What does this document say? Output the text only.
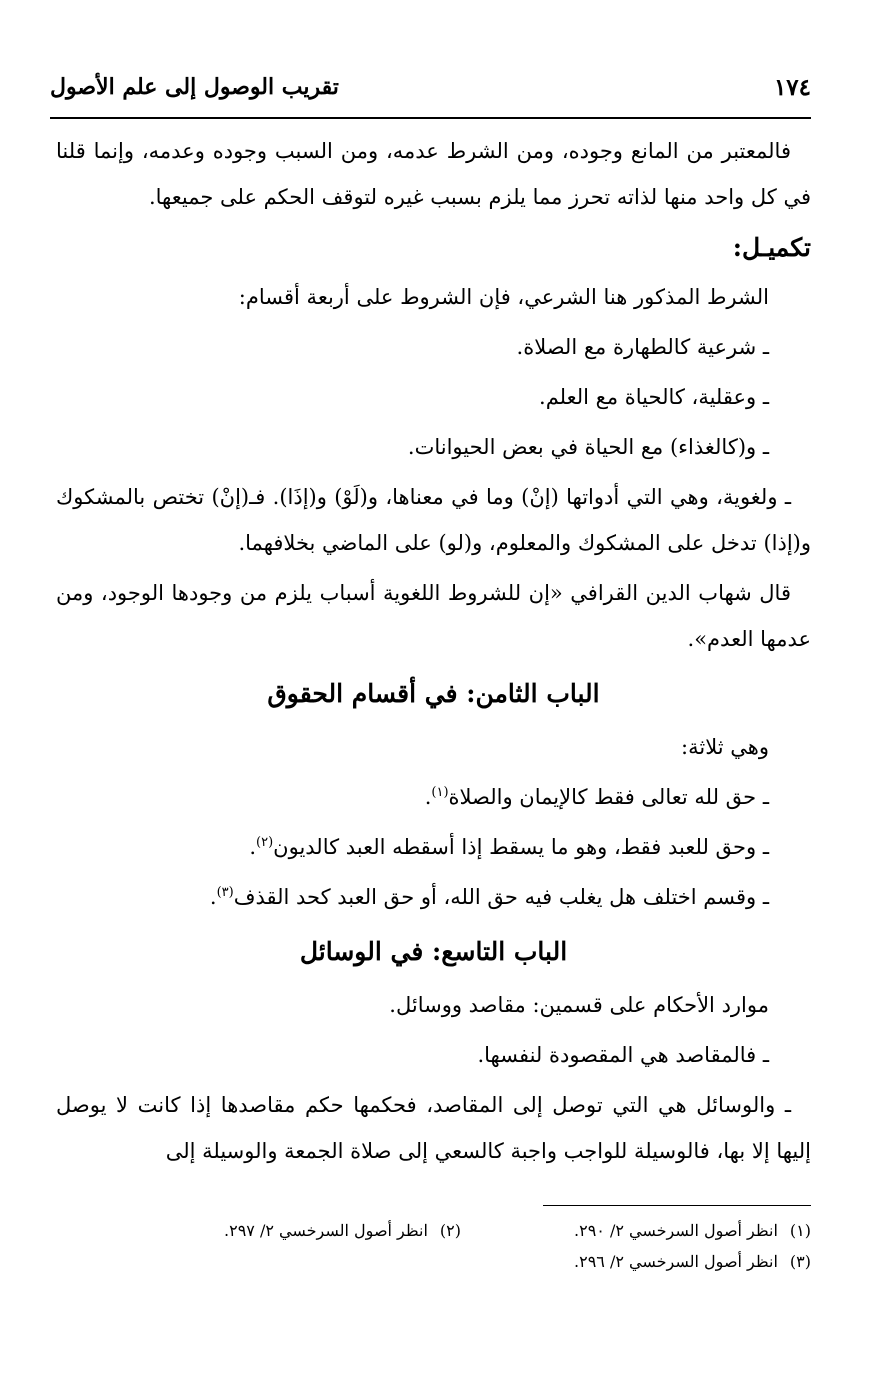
١٧٤
تقريب الوصول إلى علم الأصول

فالمعتبر من المانع وجوده، ومن الشرط عدمه، ومن السبب وجوده وعدمه، وإنما قلنا في كل واحد منها لذاته تحرز مما يلزم بسبب غيره لتوقف الحكم على جميعها.

تكميـل:

الشرط المذكور هنا الشرعي، فإن الشروط على أربعة أقسام:

ـ شرعية كالطهارة مع الصلاة.

ـ وعقلية، كالحياة مع العلم.

ـ و(كالغذاء) مع الحياة في بعض الحيوانات.

ـ ولغوية، وهي التي أدواتها (إنْ) وما في معناها، و(لَوْ) و(إذَا). فـ(إنْ) تختص بالمشكوك و(إذا) تدخل على المشكوك والمعلوم، و(لو) على الماضي بخلافهما.

قال شهاب الدين القرافي «إن للشروط اللغوية أسباب يلزم من وجودها الوجود، ومن عدمها العدم».

الباب الثامن: في أقسام الحقوق

وهي ثلاثة:

ـ حق لله تعالى فقط كالإيمان والصلاة$^{(١)}$.

ـ وحق للعبد فقط، وهو ما يسقط إذا أسقطه العبد كالديون$^{(٢)}$.

ـ وقسم اختلف هل يغلب فيه حق الله، أو حق العبد كحد القذف$^{(٣)}$.

الباب التاسع: في الوسائل

موارد الأحكام على قسمين: مقاصد ووسائل.

ـ فالمقاصد هي المقصودة لنفسها.

ـ والوسائل هي التي توصل إلى المقاصد، فحكمها حكم مقاصدها إذا كانت لا يوصل إليها إلا بها، فالوسيلة للواجب واجبة كالسعي إلى صلاة الجمعة والوسيلة إلى

(١)انظر أصول السرخسي ٢/ ٢٩٠.
(٢)انظر أصول السرخسي ٢/ ٢٩٧.
(٣)انظر أصول السرخسي ٢/ ٢٩٦.
